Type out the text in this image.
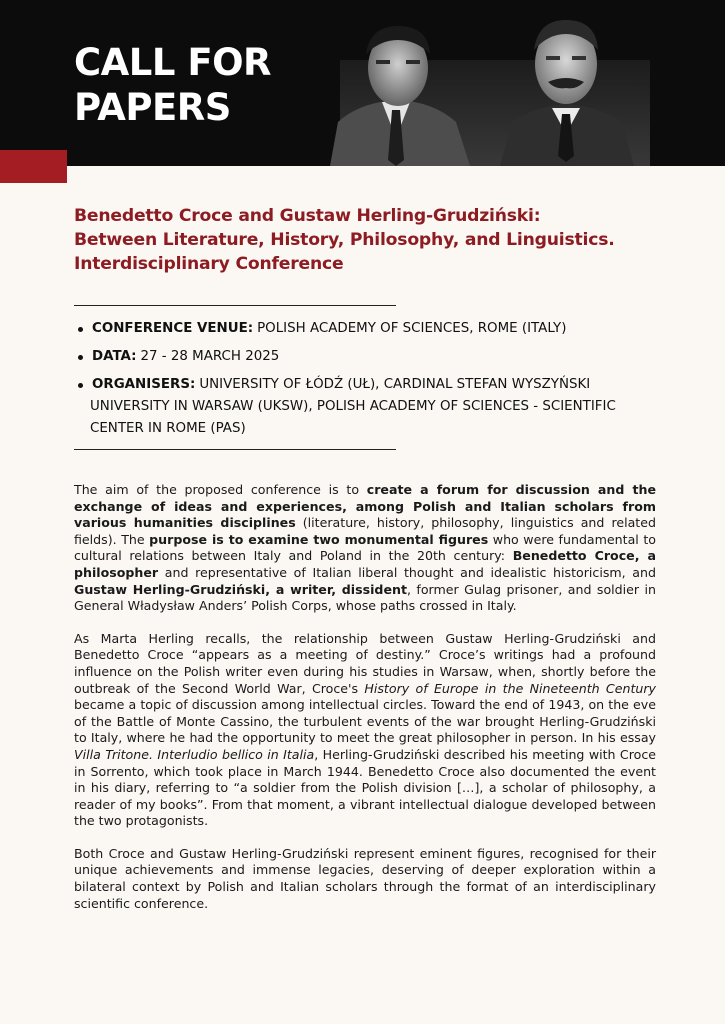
CALL FOR
PAPERS
Benedetto Croce and Gustaw Herling-Grudziński:
Between Literature, History, Philosophy, and Linguistics.
Interdisciplinary Conference
CONFERENCE VENUE: POLISH ACADEMY OF SCIENCES, ROME (ITALY)
DATA: 27 - 28 MARCH 2025
ORGANISERS: UNIVERSITY OF ŁÓDŹ (UŁ), CARDINAL STEFAN WYSZYŃSKI
UNIVERSITY IN WARSAW (UKSW), POLISH ACADEMY OF SCIENCES - SCIENTIFIC
CENTER IN ROME (PAS)

The aim of the proposed conference is to create a forum for discussion and the exchange of ideas and experiences, among Polish and Italian scholars from various humanities disciplines (literature, history, philosophy, linguistics and related fields). The purpose is to examine two monumental figures who were fundamental to cultural relations between Italy and Poland in the 20th century: Benedetto Croce, a philosopher and representative of Italian liberal thought and idealistic historicism, and Gustaw Herling-Grudziński, a writer, dissident, former Gulag prisoner, and soldier in General Władysław Anders’ Polish Corps, whose paths crossed in Italy.

As Marta Herling recalls, the relationship between Gustaw Herling-Grudziński and Benedetto Croce “appears as a meeting of destiny.” Croce’s writings had a profound influence on the Polish writer even during his studies in Warsaw, when, shortly before the outbreak of the Second World War, Croce's History of Europe in the Nineteenth Century became a topic of discussion among intellectual circles. Toward the end of 1943, on the eve of the Battle of Monte Cassino, the turbulent events of the war brought Herling-Grudziński to Italy, where he had the opportunity to meet the great philosopher in person. In his essay Villa Tritone. Interludio bellico in Italia, Herling-Grudziński described his meeting with Croce in Sorrento, which took place in March 1944. Benedetto Croce also documented the event in his diary, referring to “a soldier from the Polish division […], a scholar of philosophy, a reader of my books”. From that moment, a vibrant intellectual dialogue developed between the two protagonists.

Both Croce and Gustaw Herling-Grudziński represent eminent figures, recognised for their unique achievements and immense legacies, deserving of deeper exploration within a bilateral context by Polish and Italian scholars through the format of an interdisciplinary scientific conference.
